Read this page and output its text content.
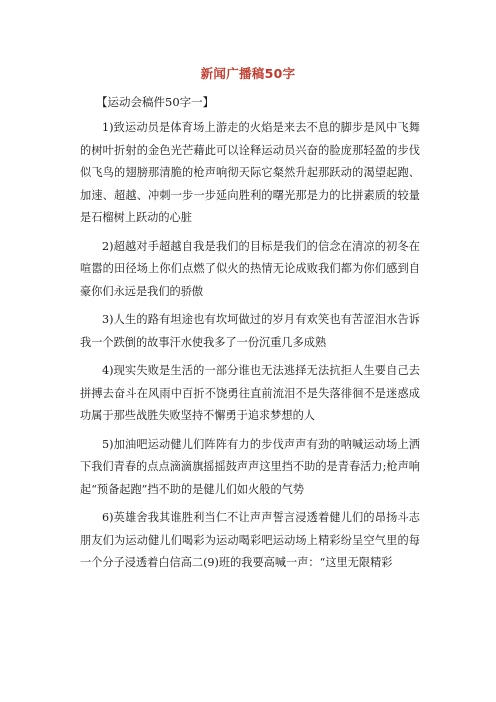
新闻广播稿50字
【运动会稿件50字一】

1)致运动员是体育场上游走的火焰是来去不息的脚步是风中飞舞的树叶折射的金色光芒藉此可以诠释运动员兴奋的脸庞那轻盈的步伐似飞鸟的翅膀那清脆的枪声响彻天际它粲然升起那跃动的渴望起跑、加速、超越、冲刺一步一步延向胜利的曙光那是力的比拼素质的较量是石榴树上跃动的心脏

2)超越对手超越自我是我们的目标是我们的信念在清凉的初冬在喧嚣的田径场上你们点燃了似火的热情无论成败我们都为你们感到自豪你们永远是我们的骄傲

3)人生的路有坦途也有坎坷做过的岁月有欢笑也有苦涩泪水告诉我一个跌倒的故事汗水使我多了一份沉重几多成熟

4)现实失败是生活的一部分谁也无法逃择无法抗拒人生要自己去拼搏去奋斗在风雨中百折不饶勇往直前流泪不是失落徘徊不是迷惑成功属于那些战胜失败坚持不懈勇于追求梦想的人

5)加油吧运动健儿们阵阵有力的步伐声声有劲的呐喊运动场上洒下我们青春的点点滴滴旗摇摇鼓声声这里挡不助的是青春活力;枪声响起“预备起跑”挡不助的是健儿们如火般的气势

6)英雄舍我其谁胜利当仁不让声声誓言浸透着健儿们的昂扬斗志朋友们为运动健儿们喝彩为运动喝彩吧运动场上精彩纷呈空气里的每一个分子浸透着白信高二(9)班的我要高喊一声：“这里无限精彩
